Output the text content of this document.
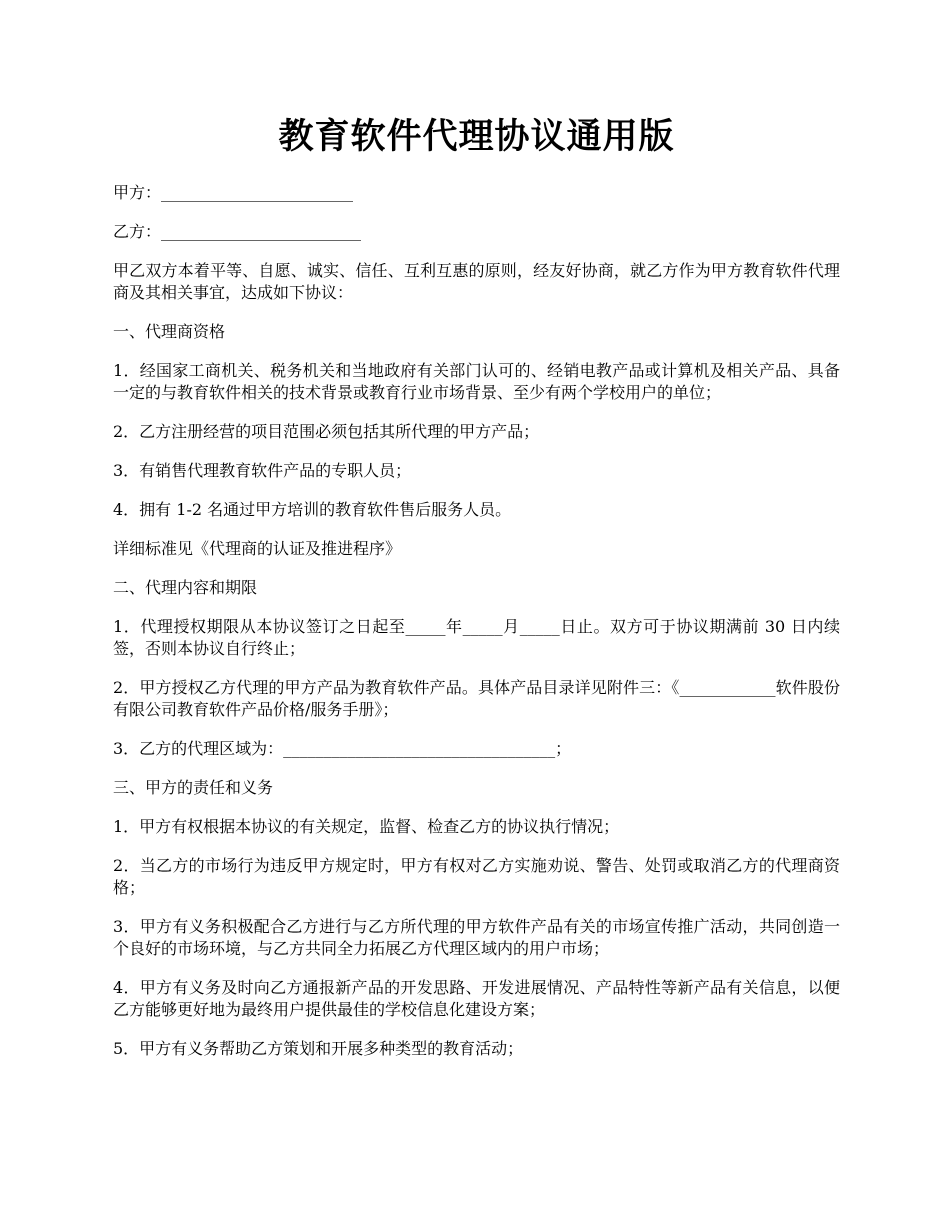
教育软件代理协议通用版

甲方：________________________

乙方：_________________________

甲乙双方本着平等、自愿、诚实、信任、互利互惠的原则，经友好协商，就乙方作为甲方教育软件代理商及其相关事宜，达成如下协议：

一、代理商资格

1．经国家工商机关、税务机关和当地政府有关部门认可的、经销电教产品或计算机及相关产品、具备一定的与教育软件相关的技术背景或教育行业市场背景、至少有两个学校用户的单位；

2．乙方注册经营的项目范围必须包括其所代理的甲方产品；

3．有销售代理教育软件产品的专职人员；

4．拥有 1-2 名通过甲方培训的教育软件售后服务人员。

详细标准见《代理商的认证及推进程序》

二、代理内容和期限

1．代理授权期限从本协议签订之日起至_____年_____月_____日止。双方可于协议期满前 30 日内续签，否则本协议自行终止；

2．甲方授权乙方代理的甲方产品为教育软件产品。具体产品目录详见附件三：《____________软件股份有限公司教育软件产品价格/服务手册》；

3．乙方的代理区域为：__________________________________；

三、甲方的责任和义务

1．甲方有权根据本协议的有关规定，监督、检查乙方的协议执行情况；

2．当乙方的市场行为违反甲方规定时，甲方有权对乙方实施劝说、警告、处罚或取消乙方的代理商资格；

3．甲方有义务积极配合乙方进行与乙方所代理的甲方软件产品有关的市场宣传推广活动，共同创造一个良好的市场环境，与乙方共同全力拓展乙方代理区域内的用户市场；

4．甲方有义务及时向乙方通报新产品的开发思路、开发进展情况、产品特性等新产品有关信息，以便乙方能够更好地为最终用户提供最佳的学校信息化建设方案；

5．甲方有义务帮助乙方策划和开展多种类型的教育活动；
